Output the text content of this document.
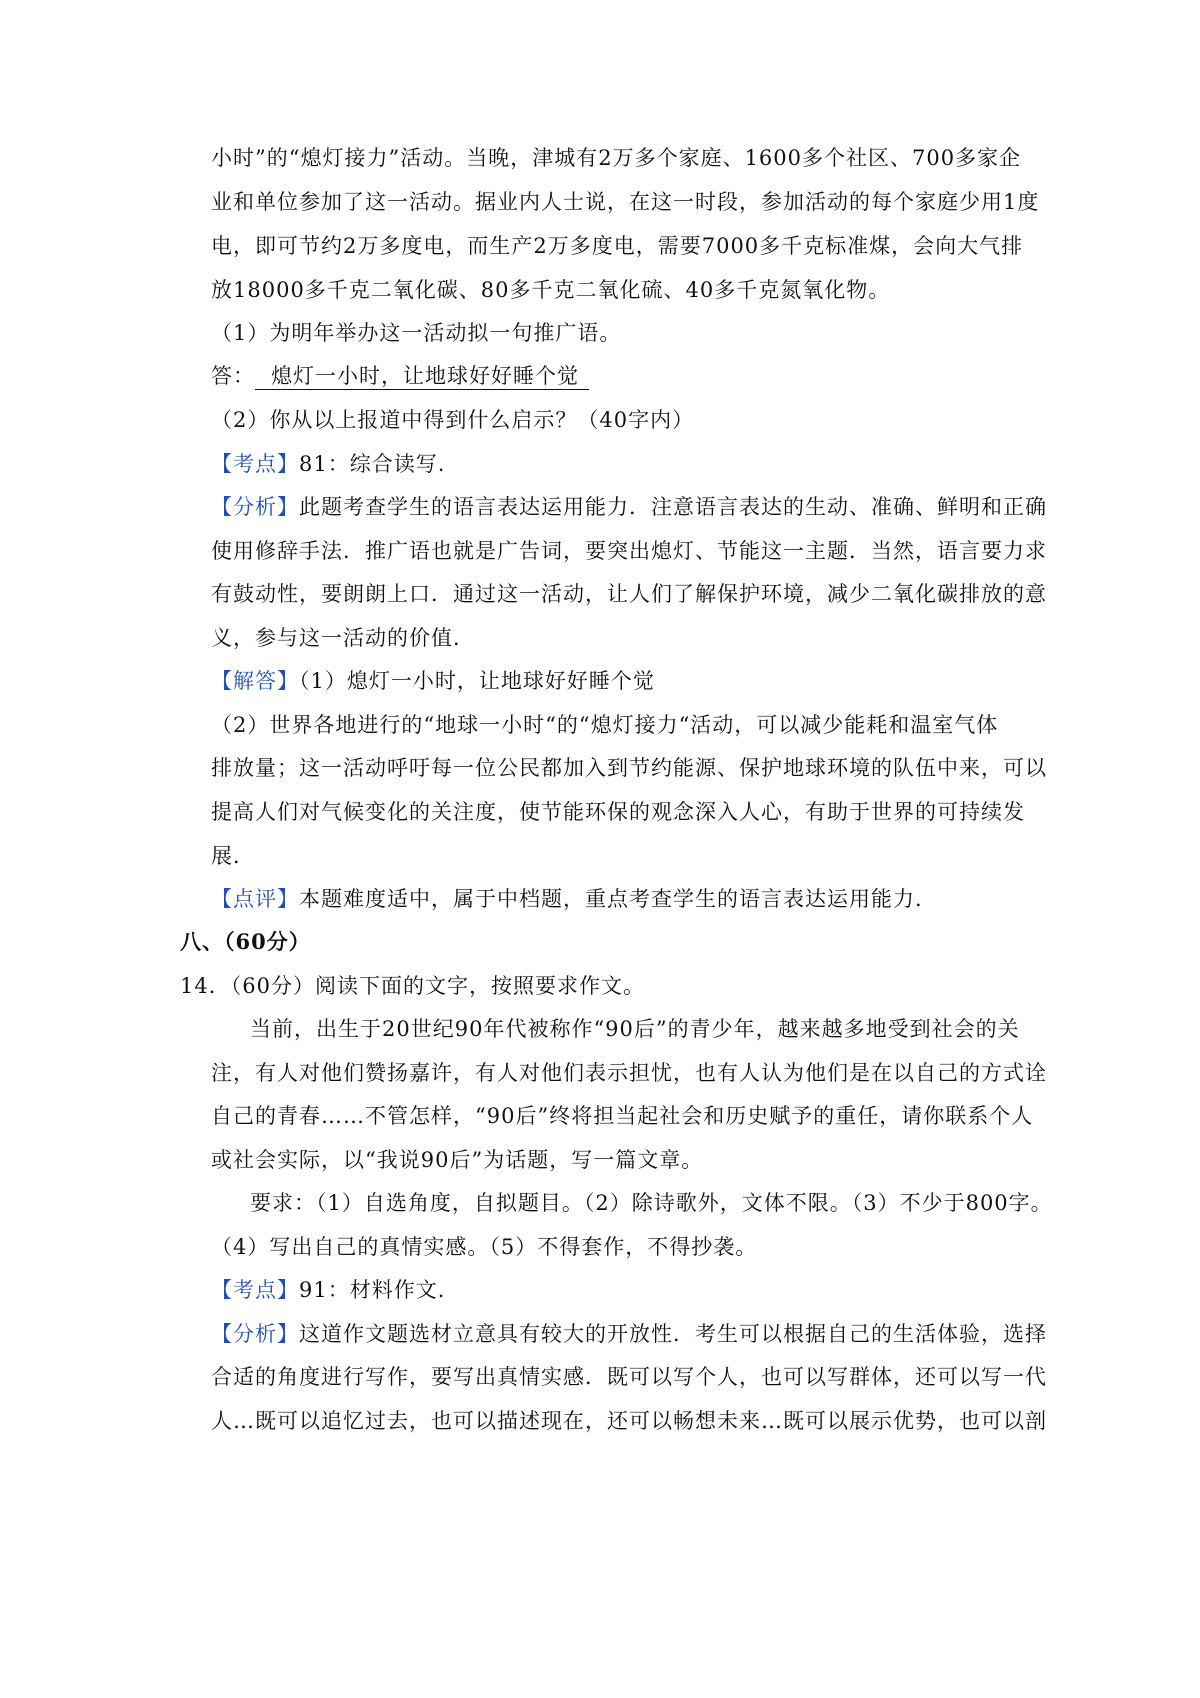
小时”的“熄灯接力”活动。当晚，津城有2万多个家庭、1600多个社区、700多家企
业和单位参加了这一活动。据业内人士说，在这一时段，参加活动的每个家庭少用1度
电，即可节约2万多度电，而生产2万多度电，需要7000多千克标准煤，会向大气排
放18000多千克二氧化碳、80多千克二氧化硫、40多千克氮氧化物。
（1）为明年举办这一活动拟一句推广语。
答： 熄灯一小时，让地球好好睡个觉
（2）你从以上报道中得到什么启示？（40字内）
【考点】81：综合读写.
【分析】此题考查学生的语言表达运用能力．注意语言表达的生动、准确、鲜明和正确
使用修辞手法．推广语也就是广告词，要突出熄灯、节能这一主题．当然，语言要力求
有鼓动性，要朗朗上口．通过这一活动，让人们了解保护环境，减少二氧化碳排放的意
义，参与这一活动的价值．
【解答】（1）熄灯一小时，让地球好好睡个觉
（2）世界各地进行的“地球一小时“的“熄灯接力“活动，可以减少能耗和温室气体
排放量；这一活动呼吁每一位公民都加入到节约能源、保护地球环境的队伍中来，可以
提高人们对气候变化的关注度，使节能环保的观念深入人心，有助于世界的可持续发
展．
【点评】本题难度适中，属于中档题，重点考查学生的语言表达运用能力．
八、（60分）
14．（60分）阅读下面的文字，按照要求作文。
当前，出生于20世纪90年代被称作“90后”的青少年，越来越多地受到社会的关
注，有人对他们赞扬嘉许，有人对他们表示担忧，也有人认为他们是在以自己的方式诠
自己的青春……不管怎样，“90后”终将担当起社会和历史赋予的重任，请你联系个人
或社会实际，以“我说90后”为话题，写一篇文章。
要求：（1）自选角度，自拟题目。（2）除诗歌外，文体不限。（3）不少于800字。
（4）写出自己的真情实感。（5）不得套作，不得抄袭。
【考点】91：材料作文.
【分析】这道作文题选材立意具有较大的开放性．考生可以根据自己的生活体验，选择
合适的角度进行写作，要写出真情实感．既可以写个人，也可以写群体，还可以写一代
人…既可以追忆过去，也可以描述现在，还可以畅想未来…既可以展示优势，也可以剖
